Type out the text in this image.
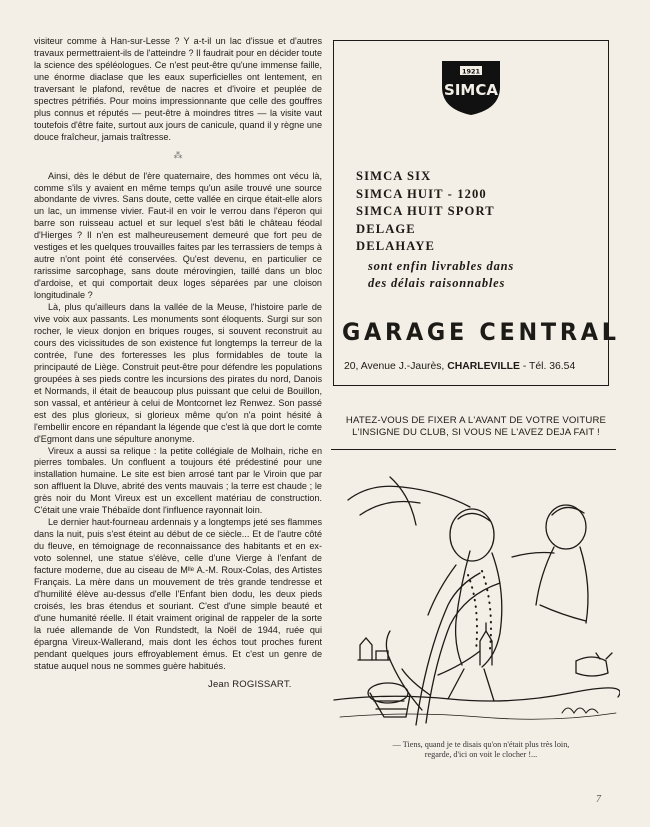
visiteur comme à Han-sur-Lesse ? Y a-t-il un lac d'issue et d'autres travaux permettraient-ils de l'atteindre ? Il faudrait pour en décider toute la science des spéléologues. Ce n'est peut-être qu'une immense faille, une énorme diaclase que les eaux superficielles ont lentement, en traversant le plafond, revêtue de nacres et d'ivoire et peuplée de spectres pétrifiés. Pour moins impressionnante que celle des gouffres plus connus et réputés — peut-être à moindres titres — la visite vaut toutefois d'être faite, surtout aux jours de canicule, quand il y règne une douce fraîcheur, jamais traîtresse.

⁂

Ainsi, dès le début de l'ère quaternaire, des hommes ont vécu là, comme s'ils y avaient en même temps qu'un asile trouvé une source abondante de vivres. Sans doute, cette vallée en cirque était-elle alors un lac, un immense vivier. Faut-il en voir le verrou dans l'éperon qui barre son ruisseau actuel et sur lequel s'est bâti le château féodal d'Hierges ? Il n'en est malheureusement demeuré que fort peu de vestiges et les quelques trouvailles faites par les terrassiers de temps à autre n'ont point été conservées. Qu'est devenu, en particulier ce rarissime sarcophage, sans doute mérovingien, taillé dans un bloc d'ardoise, et qui comportait deux loges séparées par une cloison longitudinale ?

Là, plus qu'ailleurs dans la vallée de la Meuse, l'histoire parle de vive voix aux passants. Les monuments sont éloquents. Surgi sur son rocher, le vieux donjon en briques rouges, si souvent reconstruit au cours des vicissitudes de son existence fut longtemps la terreur de la contrée, l'une des forteresses les plus formidables de toute la principauté de Liège. Construit peut-être pour défendre les populations groupées à ses pieds contre les incursions des pirates du nord, Danois et Normands, il était de beaucoup plus puissant que celui de Bouillon, son vassal, et antérieur à celui de Montcornet lez Renwez. Son passé est des plus glorieux, si glorieux même qu'on n'a point hésité à l'embellir encore en répandant la légende que c'est là que dort le comte d'Egmont dans une sépulture anonyme.

Vireux a aussi sa relique : la petite collégiale de Molhain, riche en pierres tombales. Un confluent a toujours été prédestiné pour une installation humaine. Le site est bien arrosé tant par le Viroin que par son affluent la Dluve, abrité des vents mauvais ; la terre est chaude ; le grès noir du Mont Vireux est un excellent matériau de construction. C'était une vraie Thébaïde dont l'influence rayonnait loin.

Le dernier haut-fourneau ardennais y a longtemps jeté ses flammes dans la nuit, puis s'est éteint au début de ce siècle... Et de l'autre côté du fleuve, en témoignage de reconnaissance des habitants et en ex-voto solennel, une statue s'élève, celle d'une Vierge à l'enfant de facture moderne, due au ciseau de Mˡˡᵉ A.-M. Roux-Colas, des Artistes Français. La mère dans un mouvement de très grande tendresse et d'humilité élève au-dessus d'elle l'Enfant bien dodu, les deux pieds croisés, les bras étendus et souriant. C'est d'une simple beauté et d'une humanité réelle. Il était vraiment original de rappeler de la sorte la ruée allemande de Von Rundstedt, la Noël de 1944, ruée qui épargna Vireux-Wallerand, mais dont les échos tout proches furent pendant quelques jours effroyablement émus. Et c'est un genre de statue auquel nous ne sommes guère habitués.

Jean ROGISSART.
1921
SIMCA
SIMCA SIX
SIMCA HUIT - 1200
SIMCA HUIT SPORT
DELAGE
DELAHAYE
sont enfin livrables dans
des délais raisonnables
GARAGE CENTRAL
20, Avenue J.-Jaurès, CHARLEVILLE - Tél. 36.54
HATEZ-VOUS DE FIXER A L'AVANT DE VOTRE VOITURE
L'INSIGNE DU CLUB, SI VOUS NE L'AVEZ DEJA FAIT !
— Tiens, quand je te disais qu'on n'était plus très loin,
regarde, d'ici on voit le clocher !...
7
